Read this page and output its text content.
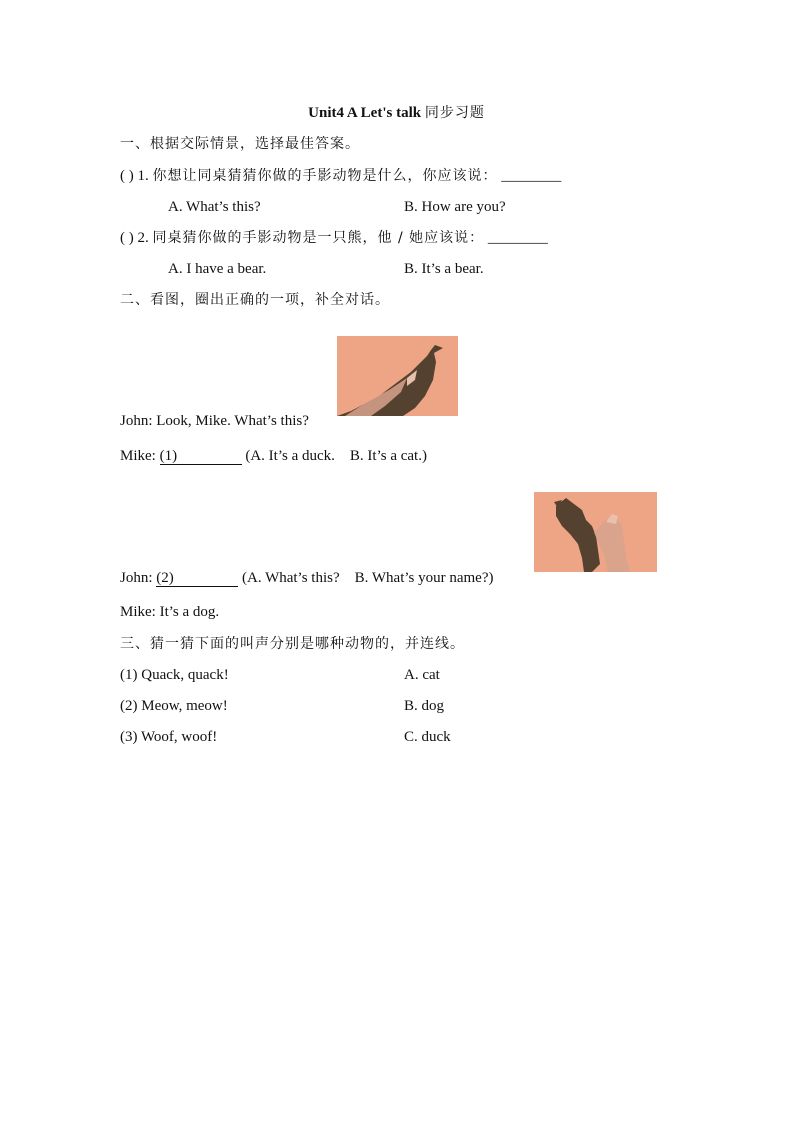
Unit4 A Let's talk 同步习题
一、根据交际情景，选择最佳答案。
( ) 1. 你想让同桌猜猜你做的手影动物是什么，你应该说： ________
A. What’s this?	B. How are you?
( ) 2. 同桌猜你做的手影动物是一只熊，他 / 她应该说： ________
A. I have a bear.	B. It’s a bear.
二、看图，圈出正确的一项，补全对话。
John: Look, Mike. What’s this?
Mike: (1)	(A. It’s a duck.    B. It’s a cat.)
John: (2)	(A. What’s this?    B. What’s your name?)
Mike: It’s a dog.
三、猜一猜下面的叫声分别是哪种动物的，并连线。
(1) Quack, quack!	A. cat
(2) Meow, meow!	B. dog
(3) Woof, woof!	C. duck
